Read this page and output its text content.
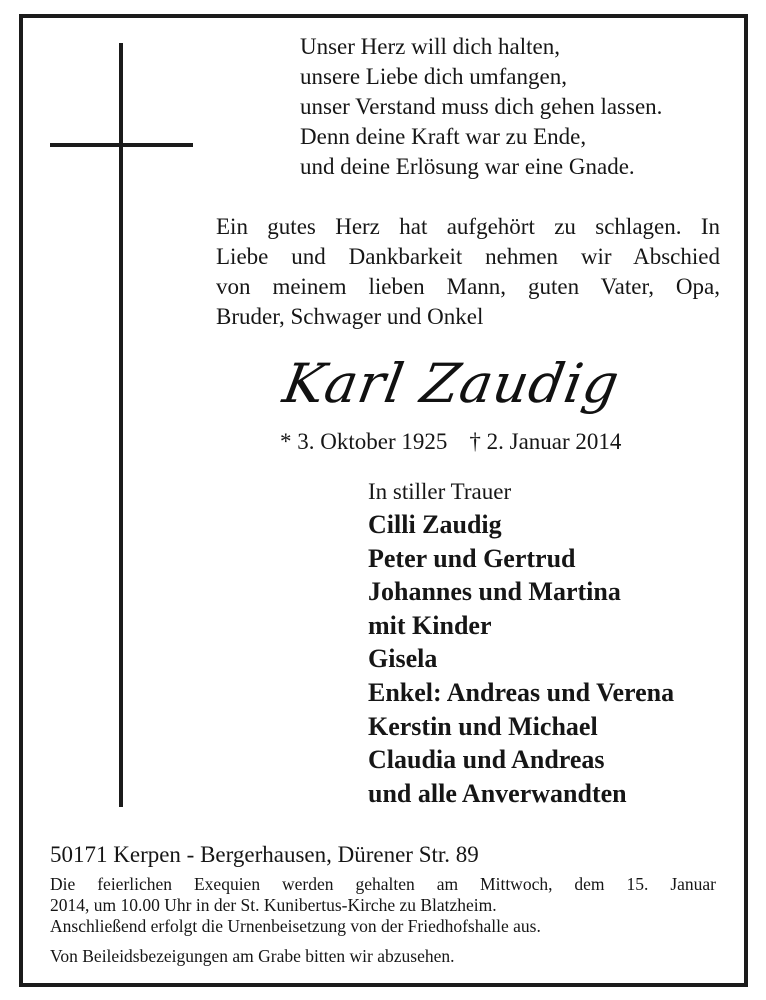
Unser Herz will dich halten,
unsere Liebe dich umfangen,
unser Verstand muss dich gehen lassen.
Denn deine Kraft war zu Ende,
und deine Erlösung war eine Gnade.
Ein gutes Herz hat aufgehört zu schlagen. In
Liebe und Dankbarkeit nehmen wir Abschied
von meinem lieben Mann, guten Vater, Opa,
Bruder, Schwager und Onkel
Karl Zaudig
* 3. Oktober 1925 † 2. Januar 2014
In stiller Trauer
Cilli Zaudig
Peter und Gertrud
Johannes und Martina
mit Kinder
Gisela
Enkel: Andreas und Verena
Kerstin und Michael
Claudia und Andreas
und alle Anverwandten
50171 Kerpen - Bergerhausen, Dürener Str. 89
Die feierlichen Exequien werden gehalten am Mittwoch, dem 15. Januar
2014, um 10.00 Uhr in der St. Kunibertus-Kirche zu Blatzheim.
Anschließend erfolgt die Urnenbeisetzung von der Friedhofshalle aus.
Von Beileidsbezeigungen am Grabe bitten wir abzusehen.
